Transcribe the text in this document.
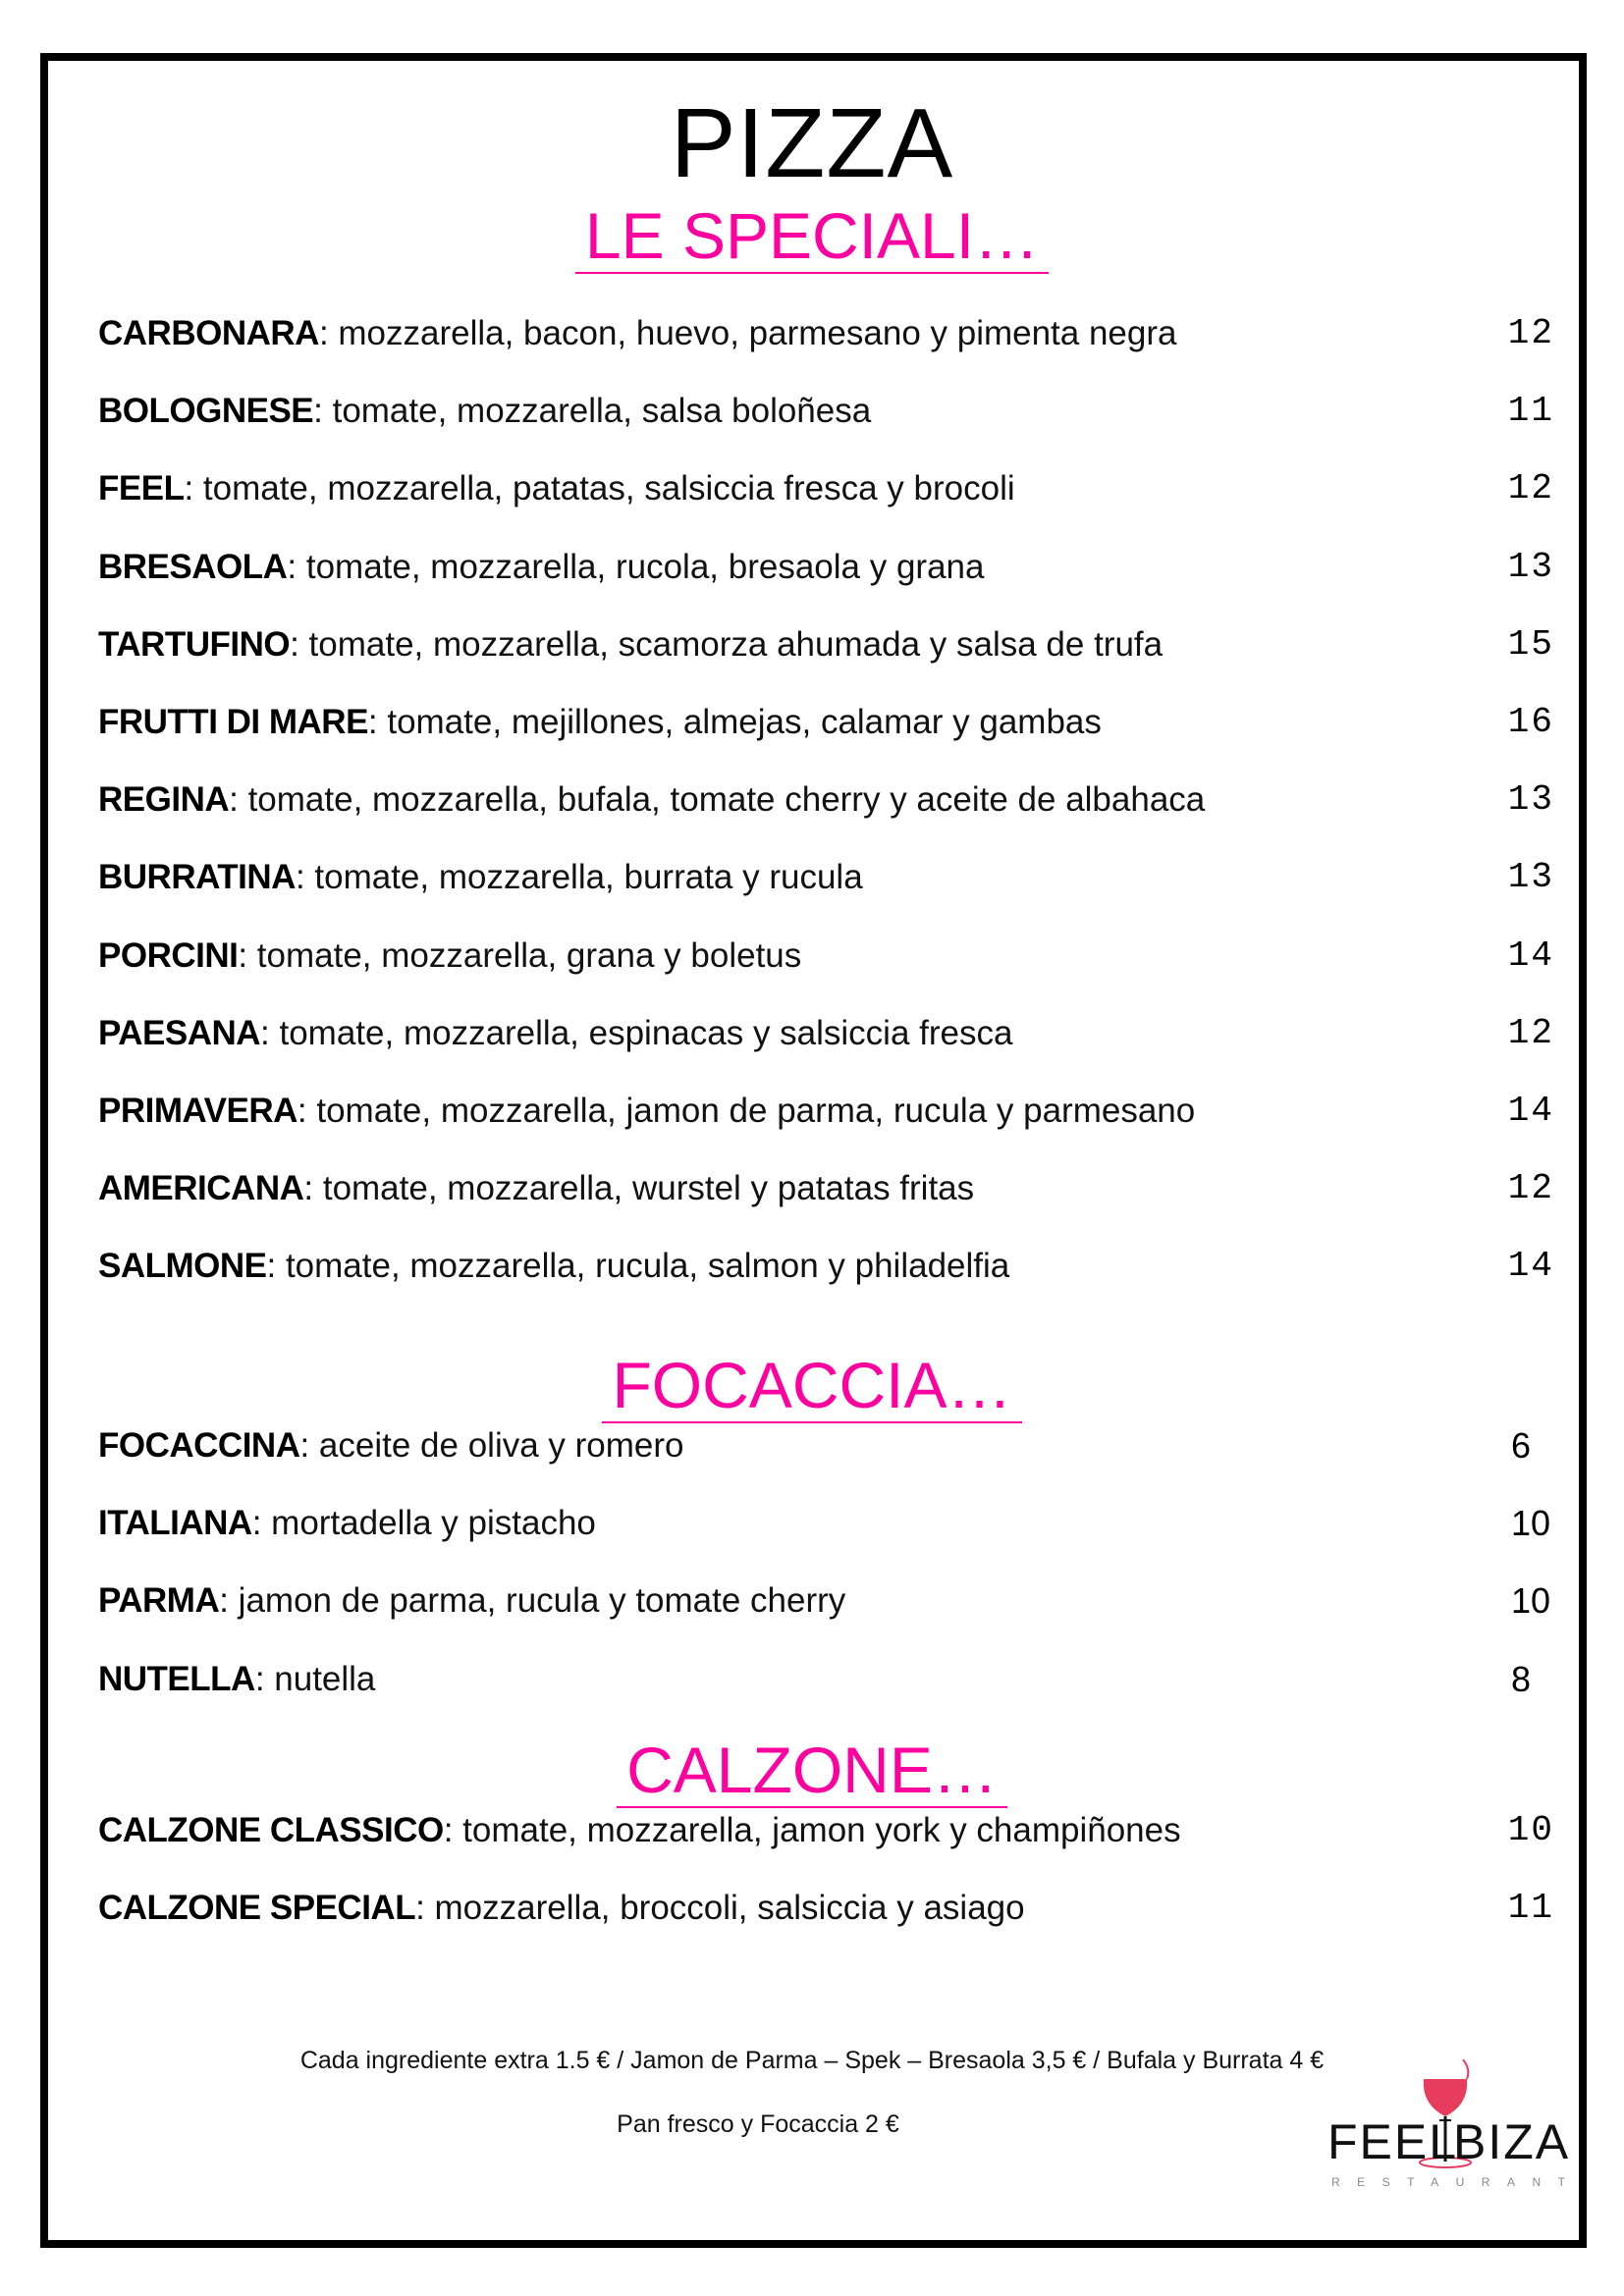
PIZZA
LE SPECIALI…
CARBONARA: mozzarella, bacon, huevo, parmesano y pimenta negra	12
BOLOGNESE: tomate, mozzarella, salsa boloñesa	11
FEEL: tomate, mozzarella, patatas, salsiccia fresca y brocoli	12
BRESAOLA: tomate, mozzarella, rucola, bresaola y grana	13
TARTUFINO: tomate, mozzarella, scamorza ahumada y salsa de trufa	15
FRUTTI DI MARE: tomate, mejillones, almejas, calamar y gambas	16
REGINA: tomate, mozzarella, bufala, tomate cherry y aceite de albahaca	13
BURRATINA: tomate, mozzarella, burrata y rucula	13
PORCINI: tomate, mozzarella, grana y boletus	14
PAESANA: tomate, mozzarella, espinacas y salsiccia fresca	12
PRIMAVERA: tomate, mozzarella, jamon de parma, rucula y parmesano	14
AMERICANA: tomate, mozzarella, wurstel y patatas fritas	12
SALMONE: tomate, mozzarella, rucula, salmon y philadelfia	14
FOCACCIA…
FOCACCINA: aceite de oliva y romero	6
ITALIANA: mortadella y pistacho	10
PARMA: jamon de parma, rucula y tomate cherry	10
NUTELLA: nutella	8
CALZONE…
CALZONE CLASSICO: tomate, mozzarella, jamon york y champiñones	10
CALZONE SPECIAL: mozzarella, broccoli, salsiccia y asiago	11
Cada ingrediente extra 1.5 € / Jamon de Parma – Spek – Bresaola 3,5 € / Bufala y Burrata 4 €
Pan fresco y Focaccia 2 €	FEEL
BIZA
RESTAURANT
